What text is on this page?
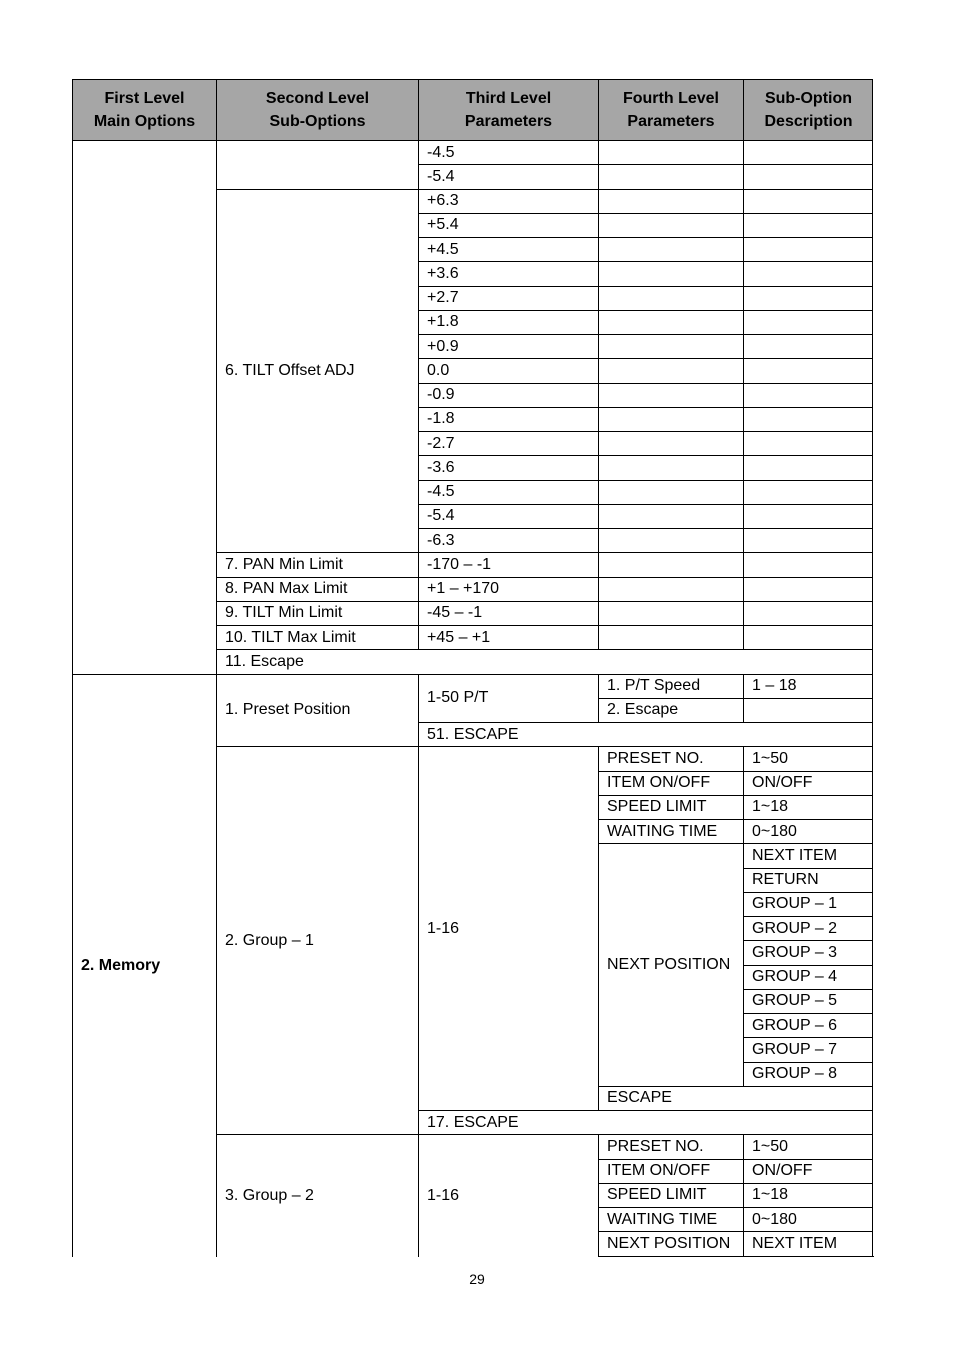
First Level
Main Options
Second Level
Sub-Options
Third Level
Parameters
Fourth Level
Parameters
Sub-Option
Description
2. Memory
6. TILT Offset ADJ
7. PAN Min Limit
8. PAN Max Limit
9. TILT Min Limit
10. TILT Max Limit
1. Preset Position
2. Group – 1
3. Group – 2
11. Escape
-4.5
-5.4
+6.3
+5.4
+4.5
+3.6
+2.7
+1.8
+0.9
0.0
-0.9
-1.8
-2.7
-3.6
-4.5
-5.4
-6.3
-170 – -1
+1 – +170
-45 – -1
+45 – +1
1-50 P/T
51. ESCAPE
1-16
17. ESCAPE
1-16
1. P/T Speed
2. Escape
PRESET NO.
ITEM ON/OFF
SPEED LIMIT
WAITING TIME
NEXT POSITION
ESCAPE
PRESET NO.
ITEM ON/OFF
SPEED LIMIT
WAITING TIME
NEXT POSITION
1 – 18
1~50
ON/OFF
1~18
0~180
NEXT ITEM
RETURN
GROUP – 1
GROUP – 2
GROUP – 3
GROUP – 4
GROUP – 5
GROUP – 6
GROUP – 7
GROUP – 8
1~50
ON/OFF
1~18
0~180
NEXT ITEM
29
